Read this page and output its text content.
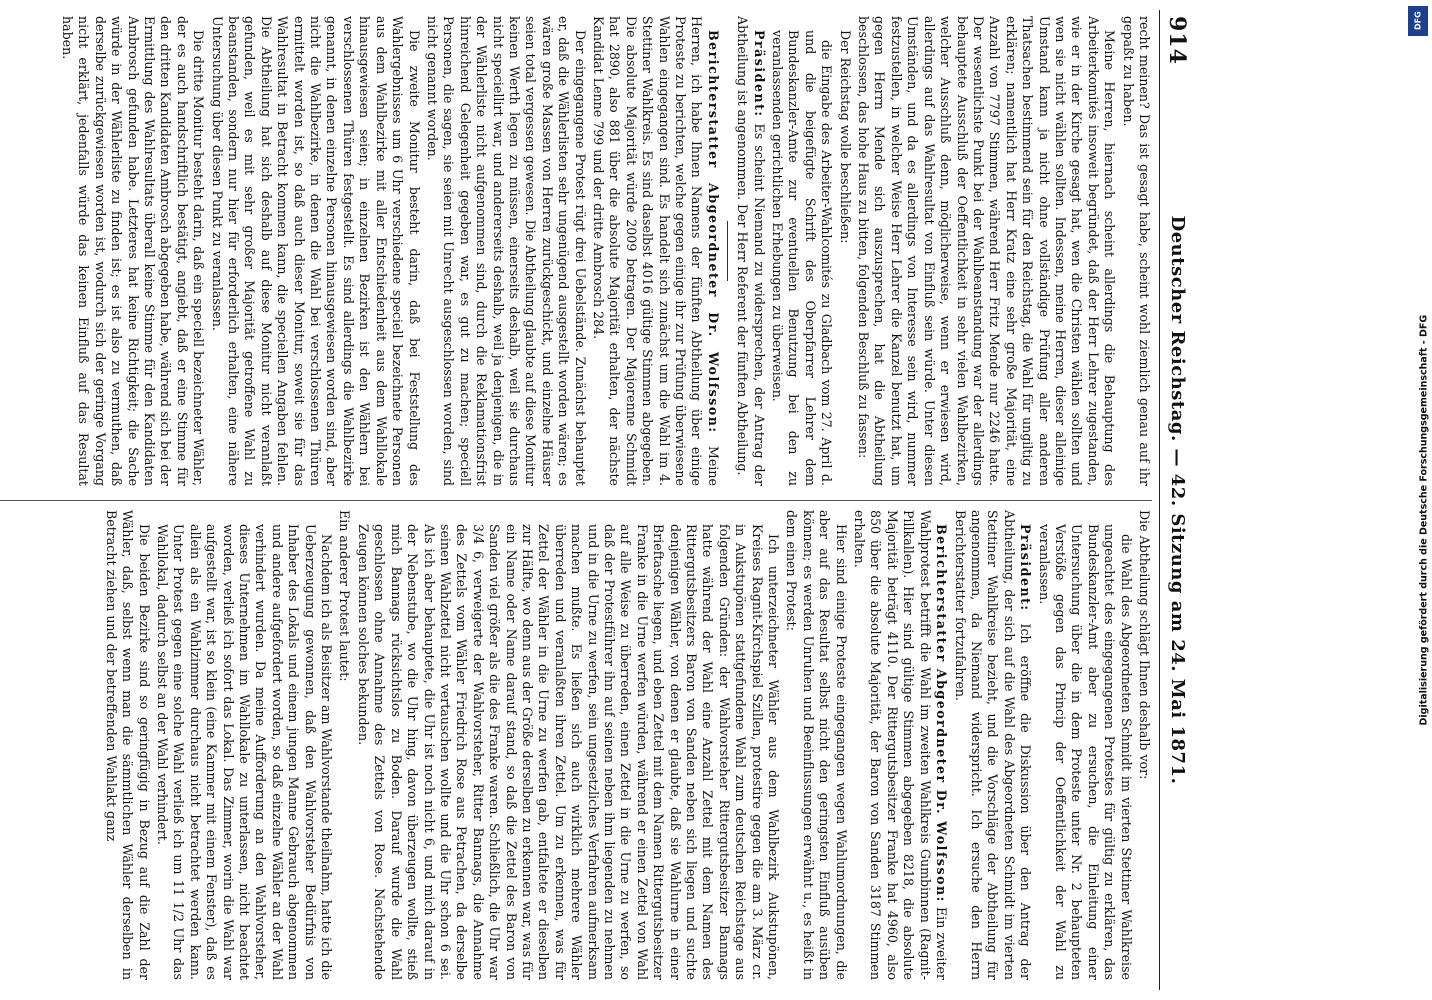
914
Deutscher Reichstag. — 42. Sitzung am 24. Mai 1871.

recht meinen? Das ist gesagt habe, scheint wohl ziemlich genau auf ihr gepaßt zu haben.

Meine Herren, hiernach scheint allerdings die Behauptung des Arbeiterkomités insoweit begründet, daß der Herr Lehrer zugestanden, wie er in der Kirche gesagt hat, wen die Christen wählen sollten und wen sie nicht wählen sollten. Indessen, meine Herren, dieser alleinige Umstand kann ja nicht ohne vollständige Prüfung aller anderen Thatsachen bestimmend sein für den Reichstag, die Wahl für ungiltig zu erklären; namentlich hat Herr Kratz eine sehr große Majorität, eine Anzahl von 7797 Stimmen, während Herr Fritz Mende nur 2246 hatte. Der wesentlichste Punkt bei der Wahlbeanstandung war der allerdings behauptete Ausschluß der Oeffentlichkeit in sehr vielen Wahlbezirken, welcher Ausschluß denn, möglicherweise, wenn er erwiesen wird, allerdings auf das Wahlresultat von Einfluß sein würde. Unter diesen Umständen, und da es allerdings von Interesse sein wird, nummer festzustellen, in welcher Weise Herr Lehrer die Kanzel benutzt hat, um gegen Herrn Mende sich auszusprechen, hat die Abtheilung beschlossen, das hohe Haus zu bitten, folgenden Beschluß zu fassen:

Der Reichstag wolle beschließen:

die Eingabe des Arbeiter-Wahlcomités zu Gladbach vom 27. April d. und die beigefügte Schrift des Oberpfarrer Lehrer dem Bundeskanzler-Amte zur eventuellen Benutzung bei den zu veranlassenden gerichtlichen Erhebungen zu überweisen.

Präsident: Es scheint Niemand zu widersprechen, der Antrag der Abtheilung ist angenommen. Der Herr Referent der fünften Abtheilung.

Berichterstatter Abgeordneter Dr. Wolfsson: Meine Herren, ich habe Ihnen Namens der fünften Abtheilung über einige Proteste zu berichten, welche gegen einige ihr zur Prüfung überwiesene Wahlen eingegangen sind. Es handelt sich zunächst um die Wahl im 4. Stettiner Wahlkreis. Es sind daselbst 4016 gültige Stimmen abgegeben. Die absolute Majorität würde 2009 betragen. Der Majorenne Schmidt hat 2890, also 881 über die absolute Majorität erhalten, der nächste Kandidat Lenne 799 und der dritte Ambrosch 284.

Der eingegangene Protest rügt drei Uebelstände. Zunächst behauptet er, daß die Wählerlisten sehr ungenügend ausgestellt worden wären; es wären große Massen von Herren zurückgeschickt, und einzelne Häuser seien total vergessen gewesen. Die Abtheilung glaubte auf diese Monitur keinen Werth legen zu müssen, einerseits deshalb, weil sie durchaus nicht speciellirt war, und andererseits deshalb, weil ja denjenigen, die in der Wählerliste nicht aufgenommen sind, durch die Reklamationsfrist hinreichend Gelegenheit gegeben war, es gut zu machen; speciell Personen, die sagen, sie seien mit Unrecht ausgeschlossen worden, sind nicht genannt worden.

Die zweite Monitur besteht darin, daß bei Feststellung des Wahlergebnisses um 6 Uhr verschiedene speciell bezeichnete Personen aus dem Wahlbezirke mit aller Entschiedenheit aus dem Wahllokale hinausgewiesen seien; in einzelnen Bezirken ist den Wählern bei verschlossenen Thüren festgestellt. Es sind allerdings die Wahlbezirke genannt, in denen einzelne Personen hinausgewiesen worden sind, aber nicht die Wahlbezirke, in denen die Wahl bei verschlossenen Thüren ermittelt worden ist, so daß auch dieser Monitur, soweit sie für das Wahlresultat in Betracht kommen kann, die speciellen Angaben fehlen. Die Abtheilung hat sich deshalb auf diese Monitur nicht veranlaßt gefunden, weil es mit sehr großer Majorität getroffene Wahl zu beanstanden, sondern nur hier für erforderlich erhalten, eine nähere Untersuchung über diesen Punkt zu veranlassen.

Die dritte Monitur besteht darin, daß ein speciell bezeichneter Wähler, der es auch handschriftlich bestätigt, angiebt, daß er eine Stimme für den dritten Kandidaten Ambrosch abgegeben habe, während sich bei der Ermittlung des Wahlresultats überall keine Stimme für den Kandidaten Ambrosch gefunden habe. Letzteres hat keine Richtigkeit; die Sache würde in der Wählerliste zu finden ist; es ist also zu vermuthen, daß derselbe zurückgewiesen worden ist, wodurch sich der geringe Vorgang nicht erklärt, jedenfalls würde das keinen Einfluß auf das Resultat haben.

Die Abtheilung schlägt Ihnen deshalb vor:

die Wahl des Abgeordneten Schmidt im vierten Stettiner Wahlkreise ungeachtet des eingegangenen Protestes für gültig zu erklären, das Bundeskanzler-Amt aber zu ersuchen, die Einleitung einer Untersuchung über die in dem Proteste unter Nr. 2 behaupteten Verstöße gegen das Princip der Oeffentlichkeit der Wahl zu veranlassen.

Präsident: Ich eröffne die Diskussion über den Antrag der Abtheilung, der sich auf die Wahl des Abgeordneten Schmidt im vierten Stettiner Wahlkreise bezieht, und die Vorschläge der Abtheilung für angenommen, da Niemand widerspricht. Ich ersuche den Herrn Berichterstatter fortzufahren.

Berichterstatter Abgeordneter Dr. Wolfsson: Ein zweiter Wahlprotest betrifft die Wahl im zweiten Wahlkreis Gumbinnen (Ragnit-Pillkallen). Hier sind gültige Stimmen abgegeben 8218, die absolute Majorität beträgt 4110. Der Rittergutsbesitzer Franke hat 4960, also 850 über die absolute Majorität, der Baron von Sanden 3187 Stimmen erhalten.

Hier sind einige Proteste eingegangen wegen Wahlumordnungen, die aber auf das Resultat selbst nicht den geringsten Einfluß ausüben können; es werden Unruhen und Beeinflussungen erwähnt u., es heißt in dem einen Protest:

Ich unterzeichneter Wähler aus dem Wahlbezirk Aukstupönen, Kreises Ragnit-Kirchspiel Szillen, protestire gegen die am 3. März cr. in Aukstupönen stattgefundene Wahl zum deutschen Reichstage aus folgenden Gründen: der Wahlvorsteher Rittergutsbesitzer Bannags hatte während der Wahl eine Anzahl Zettel mit dem Namen des Rittergutsbesitzers Baron von Sanden neben sich liegen und suchte denjenigen Wähler, von denen er glaubte, daß sie Wahlurne in einer Brieftasche liegen, und eben Zettel mit dem Namen Rittergutsbesitzer Franke in die Urne werfen würden, während er einen Zettel von Wahl auf alle Weise zu überreden, einen Zettel in die Urne zu werfen, so daß der Protestführer ihn auf seinen neben ihm liegenden zu nehmen und in die Urne zu werfen, sein ungesetzliches Verfahren aufmerksam machen mußte. Es ließen sich auch wirklich mehrere Wähler überreden und veranlaßten ihren Zettel. Um zu erkennen, was für Zettel der Wähler in die Urne zu werfen gab, entfaltete er dieselben zur Hälfte, wo denn aus der Größe derselben zu erkennen war, was für ein Name oder Name darauf stand, so daß die Zettel des Baron von Sanden viel größer als die des Franke waren. Schließlich, die Uhr war 3/4 6, verweigerte der Wahlvorsteher, Ritter Bannags, die Annahme des Zettels vom Wähler Friedrich Rose aus Petrachen, da derselbe seinen Wahlzettel nicht vertauschen wollte und die Uhr schon 6 sei. Als ich aber behauptete, die Uhr ist noch nicht 6, und mich darauf in der Nebenstube, wo die Uhr hing, davon überzeugen wollte, stieß mich Bannags rücksichtslos zu Boden. Darauf wurde die Wahl geschlossen ohne Annahme des Zettels von Rose. Nachstehende Zeugen können solches bekunden.

Ein anderer Protest lautet:

Nachdem ich als Beisitzer am Wahlvorstande theilnahm, hatte ich die Ueberzeugung gewonnen, daß den Wahlvorsteher Bedürfnis von Inhaber des Lokals und einem jungen Manne Gebrauch abgenommen und andere aufgefordert worden, so daß einzelne Wähler an der Wahl verhindert wurden. Da meine Aufforderung an den Wahlvorsteher, dieses Unternehmen im Wahllokale zu unterlassen, nicht beachtet worden, verließ ich sofort das Lokal. Das Zimmer, worin die Wahl war aufgestellt war, ist so klein (eine Kammer mit einem Fenster), daß es allein als ein Wahlzimmer durchaus nicht betrachtet werden kann. Unter Protest gegen eine solche Wahl verließ ich um 11 1/2 Uhr das Wahllokal, dadurch selbst an der Wahl verhindert.

Die beiden Bezirke sind so geringfügig in Bezug auf die Zahl der Wähler, daß, selbst wenn man die sämmtlichen Wähler derselben in Betracht ziehen und der betreffenden Wahlakt ganz	Digitalisierung gefördert durch die Deutsche Forschungsgemeinschaft - DFG
DFG
